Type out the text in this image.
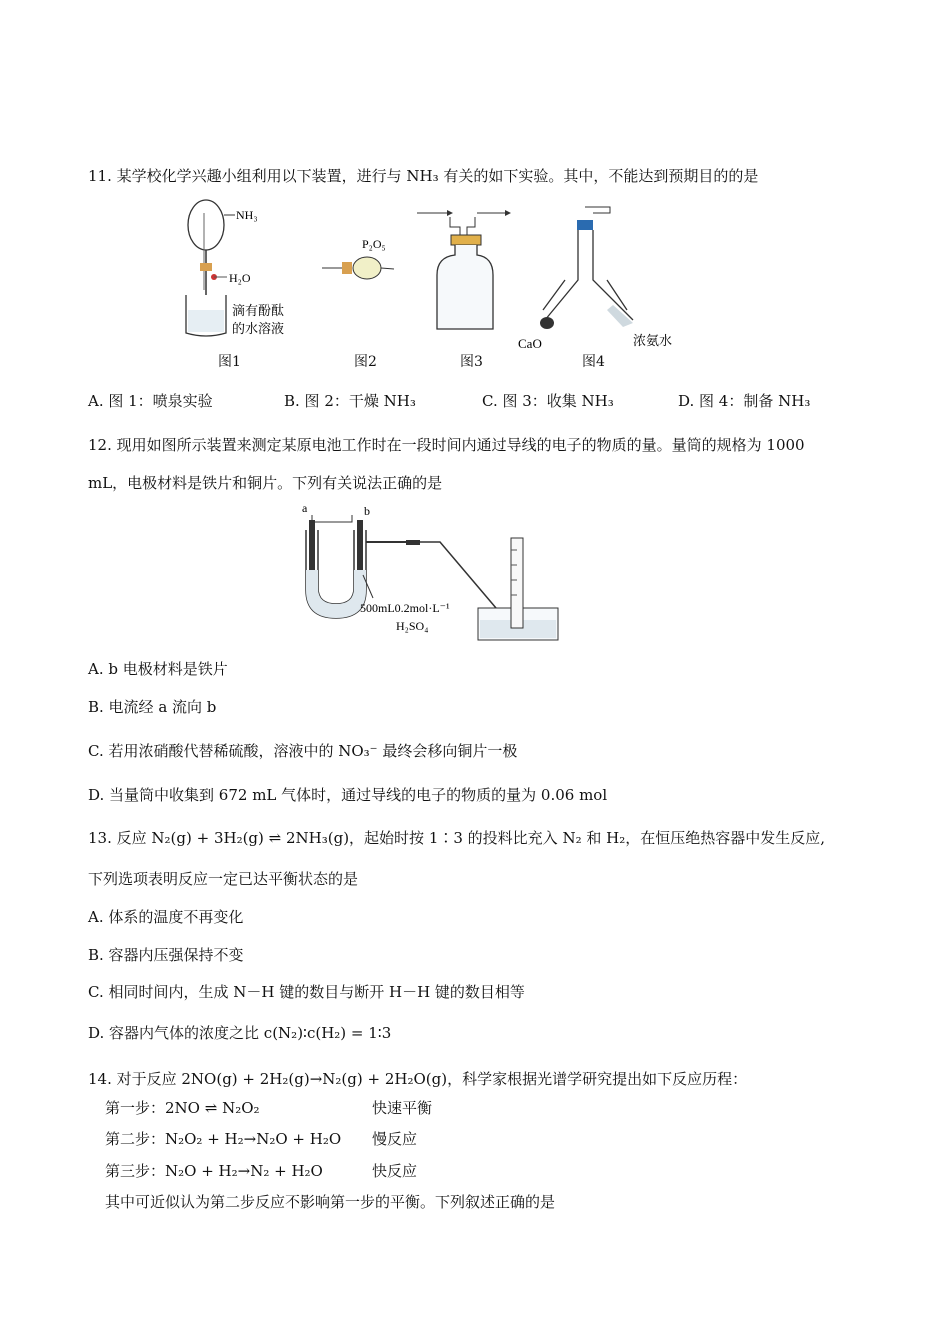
11. 某学校化学兴趣小组利用以下装置，进行与 NH₃ 有关的如下实验。其中，不能达到预期目的的是
NH₃
H₂O
滴有酚酞
的水溶液
图1
P₂O₅
图2	图3
CaO	浓氨水
图4
A. 图 1：喷泉实验	B. 图 2：干燥 NH₃	C. 图 3：收集 NH₃	D. 图 4：制备 NH₃
12. 现用如图所示装置来测定某原电池工作时在一段时间内通过导线的电子的物质的量。量筒的规格为 1000
mL，电极材料是铁片和铜片。下列有关说法正确的是
a	b
500mL0.2mol·L⁻¹
H₂SO₄
A. b 电极材料是铁片
B. 电流经 a 流向 b
C. 若用浓硝酸代替稀硫酸，溶液中的 NO₃⁻ 最终会移向铜片一极
D. 当量筒中收集到 672 mL 气体时，通过导线的电子的物质的量为 0.06 mol
13. 反应 N₂(g) + 3H₂(g) ⇌ 2NH₃(g)，起始时按 1∶3 的投料比充入 N₂ 和 H₂，在恒压绝热容器中发生反应,
下列选项表明反应一定已达平衡状态的是
A. 体系的温度不再变化
B. 容器内压强保持不变
C. 相同时间内，生成 N－H 键的数目与断开 H－H 键的数目相等
D. 容器内气体的浓度之比 c(N₂)∶c(H₂) = 1∶3
14. 对于反应 2NO(g) + 2H₂(g)→N₂(g) + 2H₂O(g)，科学家根据光谱学研究提出如下反应历程：
第一步：2NO ⇌ N₂O₂	快速平衡
第二步：N₂O₂ + H₂→N₂O + H₂O 慢反应
第三步：N₂O + H₂→N₂ + H₂O	快反应
其中可近似认为第二步反应不影响第一步的平衡。下列叙述正确的是
